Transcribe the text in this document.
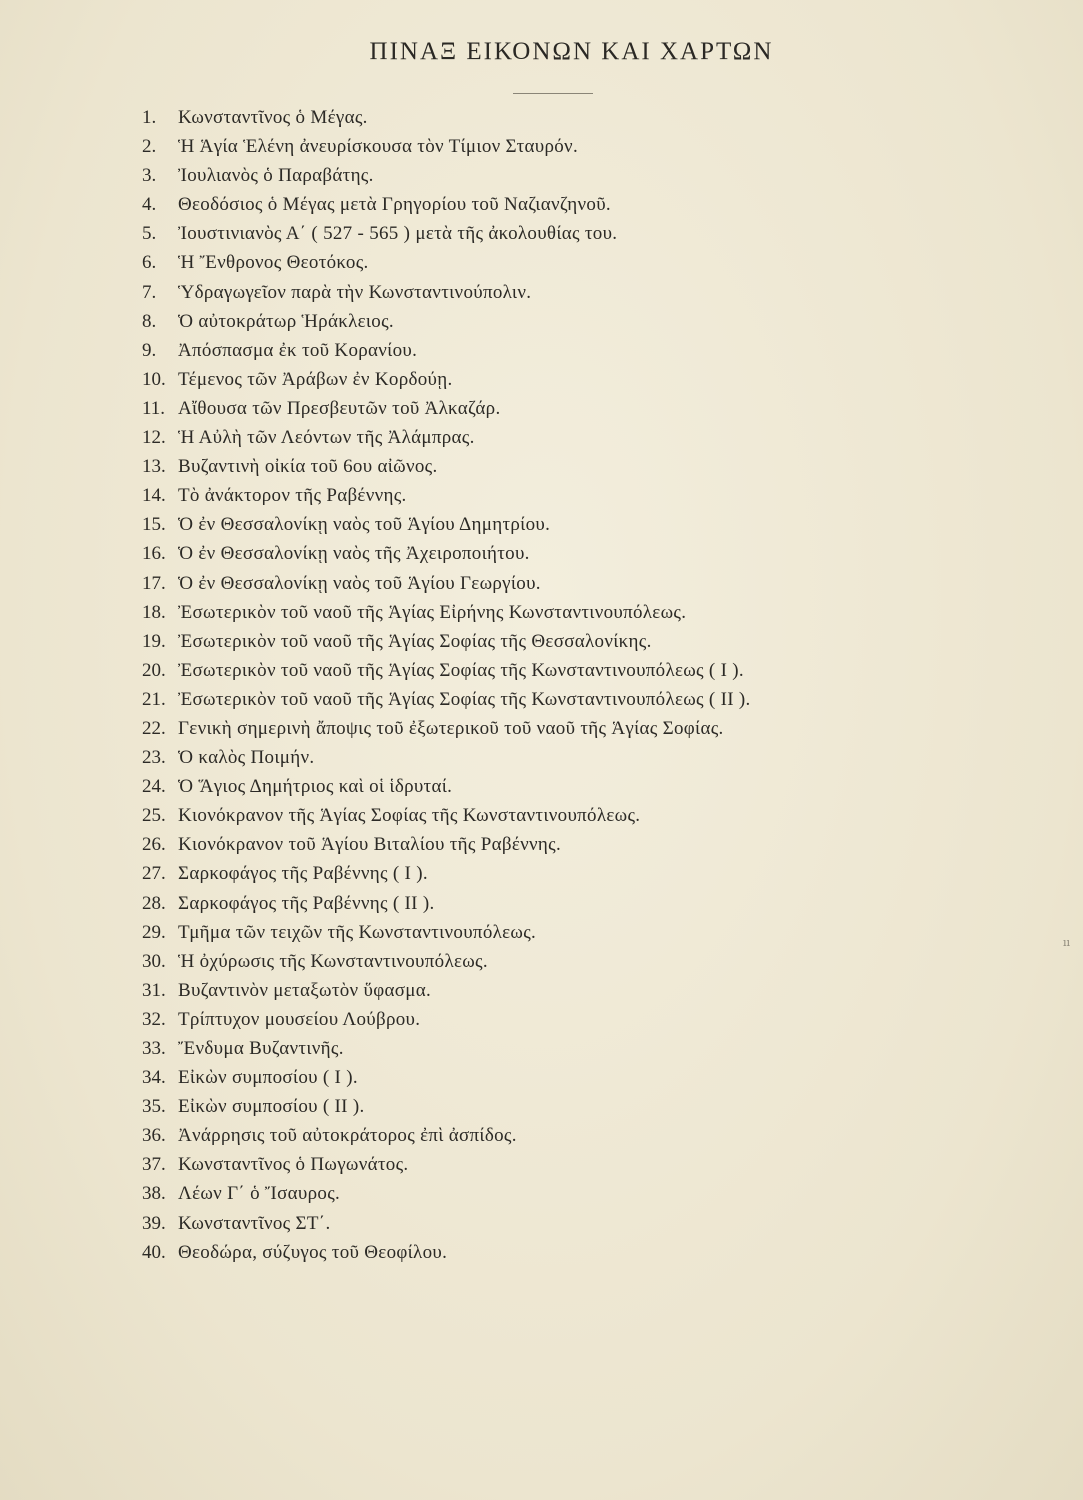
ΠΙΝΑΞ ΕΙΚΟΝΩΝ ΚΑΙ ΧΑΡΤΩΝ
1. Κωνσταντῖνος ὁ Μέγας.
2. Ἡ Ἁγία Ἑλένη ἀνευρίσκουσα τὸν Τίμιον Σταυρόν.
3. Ἰουλιανὸς ὁ Παραβάτης.
4. Θεοδόσιος ὁ Μέγας μετὰ Γρηγορίου τοῦ Ναζιανζηνοῦ.
5. Ἰουστινιανὸς Α΄ ( 527 - 565 ) μετὰ τῆς ἀκολουθίας του.
6. Ἡ Ἔνθρονος Θεοτόκος.
7. Ὑδραγωγεῖον παρὰ τὴν Κωνσταντινούπολιν.
8. Ὁ αὐτοκράτωρ Ἡράκλειος.
9. Ἀπόσπασμα ἐκ τοῦ Κορανίου.
10. Τέμενος τῶν Ἀράβων ἐν Κορδούῃ.
11. Αἴθουσα τῶν Πρεσβευτῶν τοῦ Ἀλκαζάρ.
12. Ἡ Αὐλὴ τῶν Λεόντων τῆς Ἀλάμπρας.
13. Βυζαντινὴ οἰκία τοῦ 6ου αἰῶνος.
14. Τὸ ἀνάκτορον τῆς Ραβέννης.
15. Ὁ ἐν Θεσσαλονίκῃ ναὸς τοῦ Ἁγίου Δημητρίου.
16. Ὁ ἐν Θεσσαλονίκῃ ναὸς τῆς Ἀχειροποιήτου.
17. Ὁ ἐν Θεσσαλονίκῃ ναὸς τοῦ Ἁγίου Γεωργίου.
18. Ἐσωτερικὸν τοῦ ναοῦ τῆς Ἁγίας Εἰρήνης Κωνσταντινουπόλεως.
19. Ἐσωτερικὸν τοῦ ναοῦ τῆς Ἁγίας Σοφίας τῆς Θεσσαλονίκης.
20. Ἐσωτερικὸν τοῦ ναοῦ τῆς Ἁγίας Σοφίας τῆς Κωνσταντινουπόλεως ( I ).
21. Ἐσωτερικὸν τοῦ ναοῦ τῆς Ἁγίας Σοφίας τῆς Κωνσταντινουπόλεως ( II ).
22. Γενικὴ σημερινὴ ἄποψις τοῦ ἐξωτερικοῦ τοῦ ναοῦ τῆς Ἁγίας Σοφίας.
23. Ὁ καλὸς Ποιμήν.
24. Ὁ Ἅγιος Δημήτριος καὶ οἱ ἱδρυταί.
25. Κιονόκρανον τῆς Ἁγίας Σοφίας τῆς Κωνσταντινουπόλεως.
26. Κιονόκρανον τοῦ Ἁγίου Βιταλίου τῆς Ραβέννης.
27. Σαρκοφάγος τῆς Ραβέννης ( I ).
28. Σαρκοφάγος τῆς Ραβέννης ( II ).
29. Τμῆμα τῶν τειχῶν τῆς Κωνσταντινουπόλεως.
30. Ἡ ὀχύρωσις τῆς Κωνσταντινουπόλεως.
31. Βυζαντινὸν μεταξωτὸν ὕφασμα.
32. Τρίπτυχον μουσείου Λούβρου.
33. Ἔνδυμα Βυζαντινῆς.
34. Εἰκὼν συμποσίου ( I ).
35. Εἰκὼν συμποσίου ( II ).
36. Ἀνάρρησις τοῦ αὐτοκράτορος ἐπὶ ἀσπίδος.
37. Κωνσταντῖνος ὁ Πωγωνάτος.
38. Λέων Γ΄ ὁ Ἴσαυρος.
39. Κωνσταντῖνος ΣΤ΄.
40. Θεοδώρα, σύζυγος τοῦ Θεοφίλου.
ıı
